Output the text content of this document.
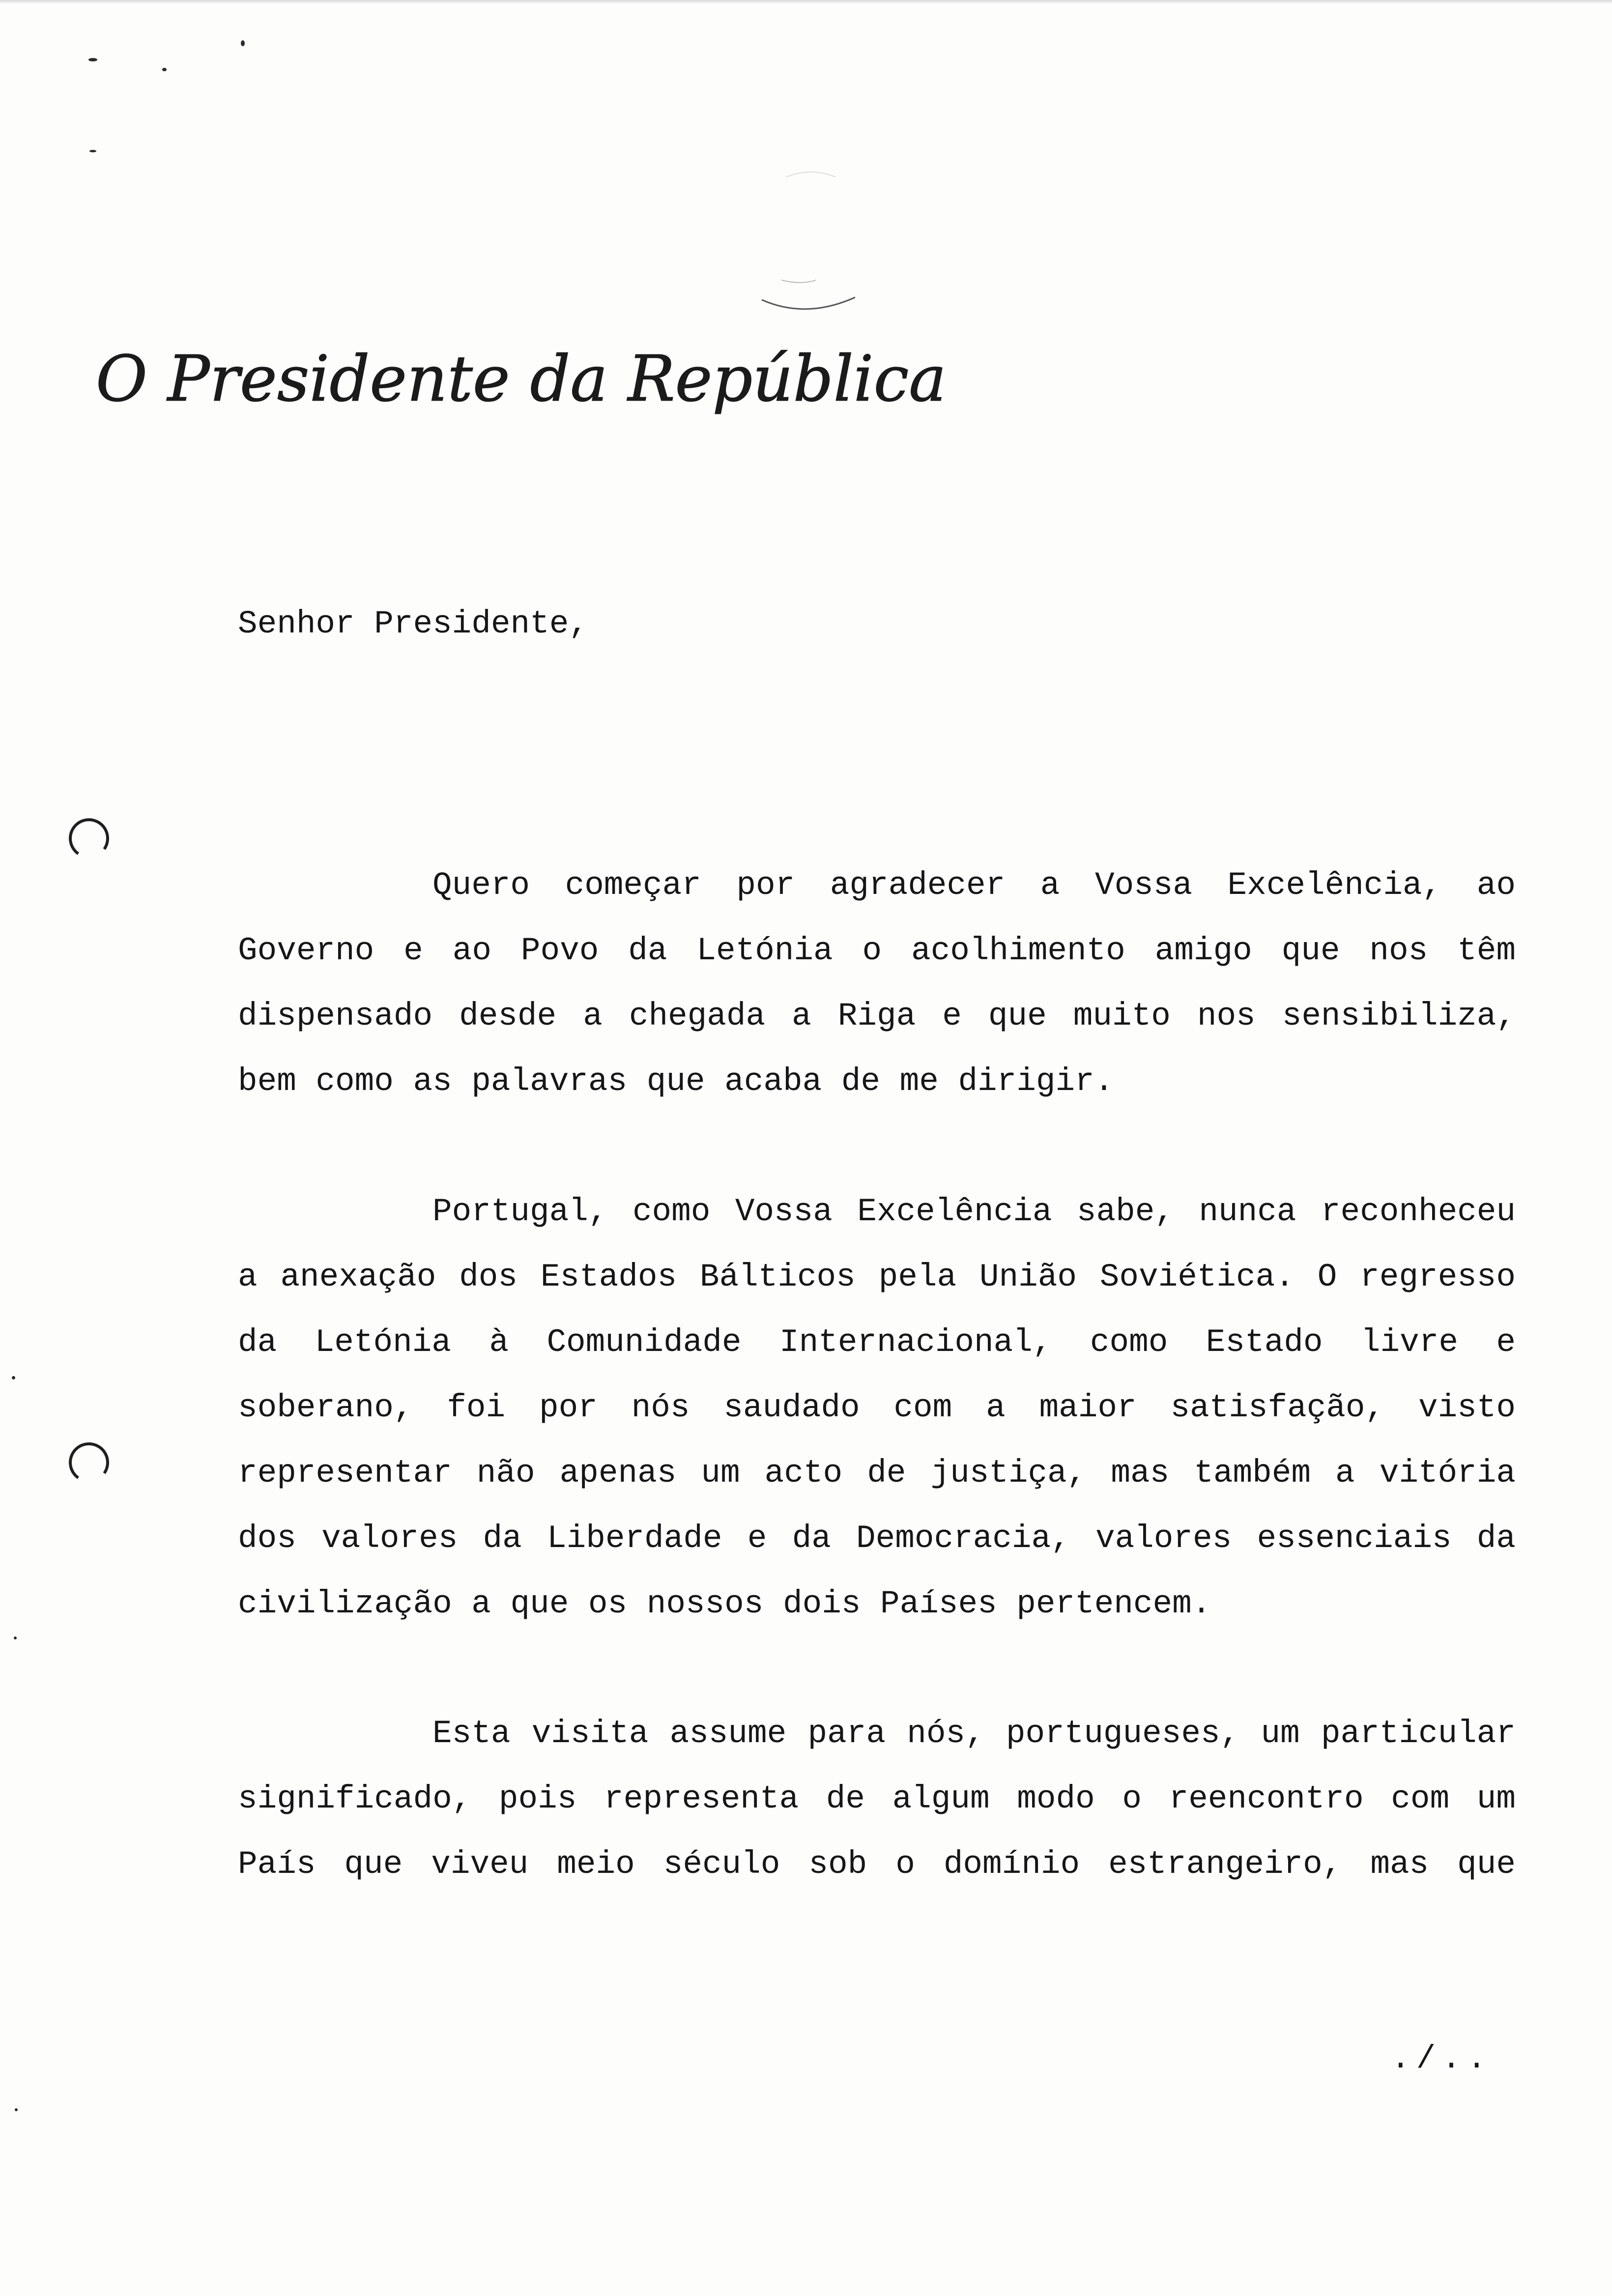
O Presidente da República
Senhor Presidente,
Quero começar por agradecer a Vossa Excelência, ao
Governo e ao Povo da Letónia o acolhimento amigo que nos têm
dispensado desde a chegada a Riga e que muito nos sensibiliza,
bem como as palavras que acaba de me dirigir.
Portugal, como Vossa Excelência sabe, nunca reconheceu
a anexação dos Estados Bálticos pela União Soviética. O regresso
da Letónia à Comunidade Internacional, como Estado livre e
soberano, foi por nós saudado com a maior satisfação, visto
representar não apenas um acto de justiça, mas também a vitória
dos valores da Liberdade e da Democracia, valores essenciais da
civilização a que os nossos dois Países pertencem.
Esta visita assume para nós, portugueses, um particular
significado, pois representa de algum modo o reencontro com um
País que viveu meio século sob o domínio estrangeiro, mas que
./..
